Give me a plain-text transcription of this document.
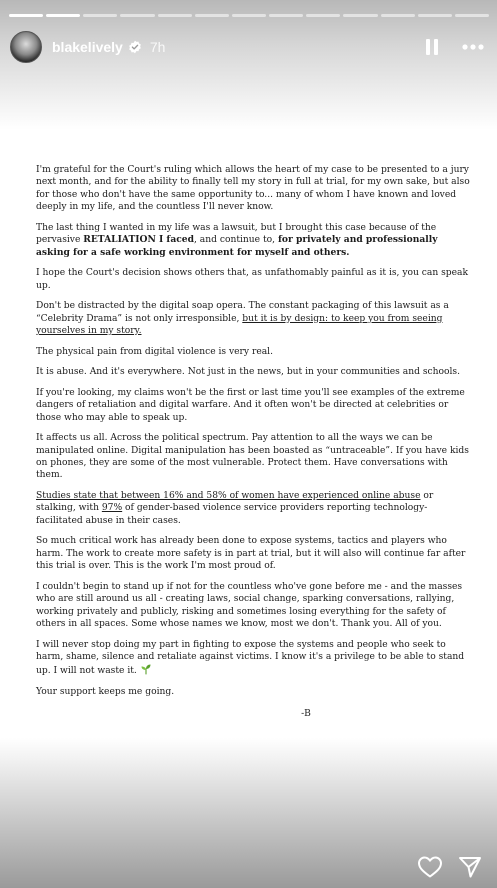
blakelively 7h

I'm grateful for the Court's ruling which allows the heart of my case to be presented to a jury next month, and for the ability to finally tell my story in full at trial, for my own sake, but also for those who don't have the same opportunity to... many of whom I have known and loved deeply in my life, and the countless I'll never know.

The last thing I wanted in my life was a lawsuit, but I brought this case because of the pervasive RETALIATION I faced, and continue to, for privately and professionally asking for a safe working environment for myself and others.

I hope the Court's decision shows others that, as unfathomably painful as it is, you can speak up.

Don't be distracted by the digital soap opera. The constant packaging of this lawsuit as a “Celebrity Drama” is not only irresponsible, but it is by design: to keep you from seeing yourselves in my story.

The physical pain from digital violence is very real.

It is abuse. And it's everywhere. Not just in the news, but in your communities and schools.

If you're looking, my claims won't be the first or last time you'll see examples of the extreme dangers of retaliation and digital warfare. And it often won't be directed at celebrities or those who may able to speak up.

It affects us all. Across the political spectrum. Pay attention to all the ways we can be manipulated online. Digital manipulation has been boasted as “untraceable”. If you have kids on phones, they are some of the most vulnerable. Protect them. Have conversations with them.

Studies state that between 16% and 58% of women have experienced online abuse or stalking, with 97% of gender-based violence service providers reporting technology-facilitated abuse in their cases.

So much critical work has already been done to expose systems, tactics and players who harm. The work to create more safety is in part at trial, but it will also will continue far after this trial is over. This is the work I'm most proud of.

I couldn't begin to stand up if not for the countless who've gone before me - and the masses who are still around us all - creating laws, social change, sparking conversations, rallying, working privately and publicly, risking and sometimes losing everything for the safety of others in all spaces. Some whose names we know, most we don't. Thank you. All of you.

I will never stop doing my part in fighting to expose the systems and people who seek to harm, shame, silence and retaliate against victims. I know it's a privilege to be able to stand up. I will not waste it.

Your support keeps me going.

-B
